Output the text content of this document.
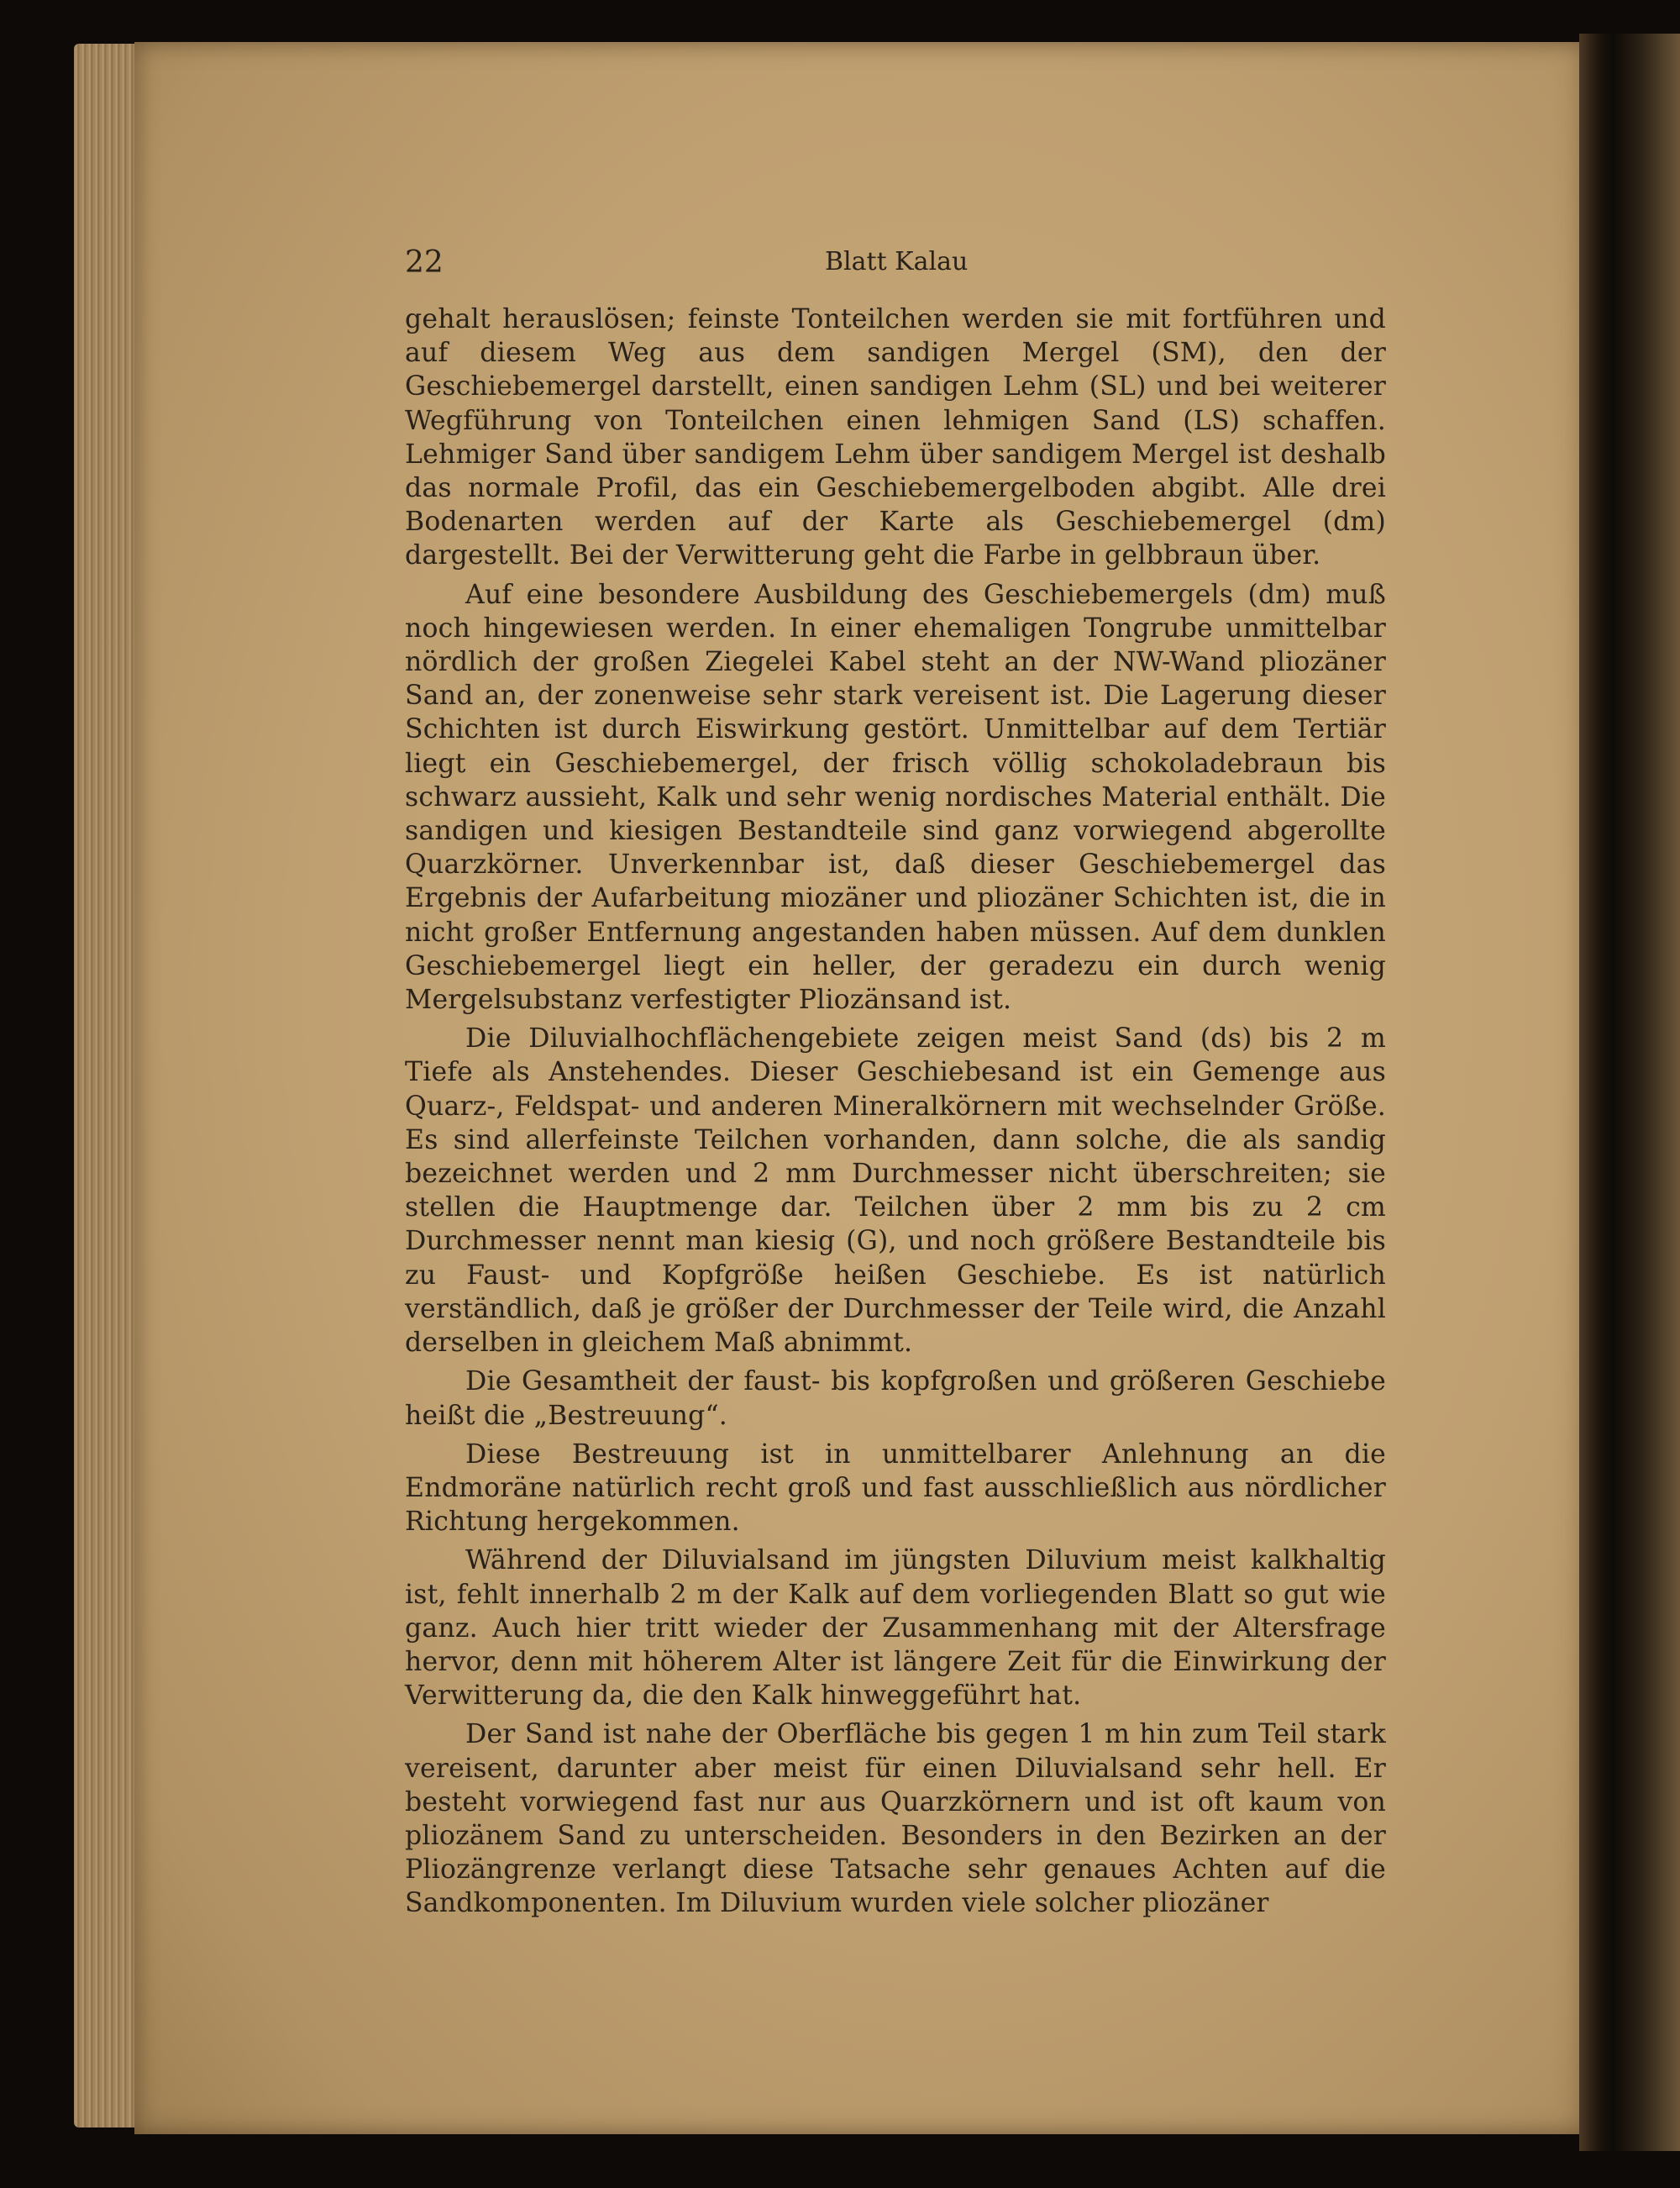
22	Blatt Kalau

gehalt herauslösen; feinste Tonteilchen werden sie mit fortführen und auf diesem Weg aus dem sandigen Mergel (SM), den der Geschiebemergel darstellt, einen sandigen Lehm (SL) und bei weiterer Wegführung von Tonteilchen einen lehmigen Sand (LS) schaffen. Lehmiger Sand über sandigem Lehm über sandigem Mergel ist deshalb das normale Profil, das ein Geschiebemergelboden abgibt. Alle drei Bodenarten werden auf der Karte als Geschiebemergel (dm) dargestellt. Bei der Verwitterung geht die Farbe in gelbbraun über.

Auf eine besondere Ausbildung des Geschiebemergels (dm) muß noch hingewiesen werden. In einer ehemaligen Tongrube unmittelbar nördlich der großen Ziegelei Kabel steht an der NW-Wand pliozäner Sand an, der zonenweise sehr stark vereisent ist. Die Lagerung dieser Schichten ist durch Eiswirkung gestört. Unmittelbar auf dem Tertiär liegt ein Geschiebemergel, der frisch völlig schokoladebraun bis schwarz aussieht, Kalk und sehr wenig nordisches Material enthält. Die sandigen und kiesigen Bestandteile sind ganz vorwiegend abgerollte Quarzkörner. Unverkennbar ist, daß dieser Geschiebemergel das Ergebnis der Aufarbeitung miozäner und pliozäner Schichten ist, die in nicht großer Entfernung angestanden haben müssen. Auf dem dunklen Geschiebemergel liegt ein heller, der geradezu ein durch wenig Mergelsubstanz verfestigter Pliozänsand ist.

Die Diluvialhochflächengebiete zeigen meist Sand (ds) bis 2 m Tiefe als Anstehendes. Dieser Geschiebesand ist ein Gemenge aus Quarz-, Feldspat- und anderen Mineralkörnern mit wechselnder Größe. Es sind allerfeinste Teilchen vorhanden, dann solche, die als sandig bezeichnet werden und 2 mm Durchmesser nicht überschreiten; sie stellen die Hauptmenge dar. Teilchen über 2 mm bis zu 2 cm Durchmesser nennt man kiesig (G), und noch größere Bestandteile bis zu Faust- und Kopfgröße heißen Geschiebe. Es ist natürlich verständlich, daß je größer der Durchmesser der Teile wird, die Anzahl derselben in gleichem Maß abnimmt.

Die Gesamtheit der faust- bis kopfgroßen und größeren Geschiebe heißt die „Bestreuung“.

Diese Bestreuung ist in unmittelbarer Anlehnung an die Endmoräne natürlich recht groß und fast ausschließlich aus nördlicher Richtung hergekommen.

Während der Diluvialsand im jüngsten Diluvium meist kalkhaltig ist, fehlt innerhalb 2 m der Kalk auf dem vorliegenden Blatt so gut wie ganz. Auch hier tritt wieder der Zusammenhang mit der Altersfrage hervor, denn mit höherem Alter ist längere Zeit für die Einwirkung der Verwitterung da, die den Kalk hinweggeführt hat.

Der Sand ist nahe der Oberfläche bis gegen 1 m hin zum Teil stark vereisent, darunter aber meist für einen Diluvialsand sehr hell. Er besteht vorwiegend fast nur aus Quarzkörnern und ist oft kaum von pliozänem Sand zu unterscheiden. Besonders in den Bezirken an der Pliozängrenze verlangt diese Tatsache sehr genaues Achten auf die Sandkomponenten. Im Diluvium wurden viele solcher pliozäner
